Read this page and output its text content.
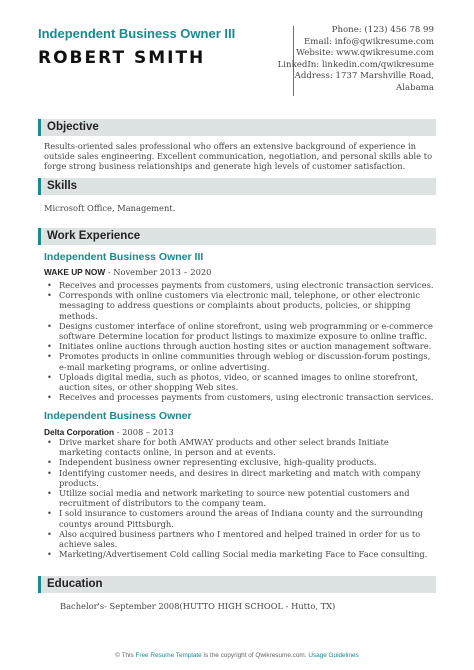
Independent Business Owner III
ROBERT SMITH
Phone: (123) 456 78 99
Email: info@qwikresume.com
Website: www.qwikresume.com
LinkedIn: linkedin.com/qwikresume
Address: 1737 Marshville Road,
Alabama
Objective
Results-oriented sales professional who offers an extensive background of experience in outside sales engineering. Excellent communication, negotiation, and personal skills able to forge strong business relationships and generate high levels of customer satisfaction.
Skills
Microsoft Office, Management.
Work Experience
Independent Business Owner III
WAKE UP NOW - November 2013 – 2020
• Receives and processes payments from customers, using electronic transaction services.
• Corresponds with online customers via electronic mail, telephone, or other electronic messaging to address questions or complaints about products, policies, or shipping methods.
• Designs customer interface of online storefront, using web programming or e-commerce software Determine location for product listings to maximize exposure to online traffic.
• Initiates online auctions through auction hosting sites or auction management software.
• Promotes products in online communities through weblog or discussion-forum postings, e-mail marketing programs, or online advertising.
• Uploads digital media, such as photos, video, or scanned images to online storefront, auction sites, or other shopping Web sites.
• Receives and processes payments from customers, using electronic transaction services.
Independent Business Owner
Delta Corporation - 2008 – 2013
• Drive market share for both AMWAY products and other select brands Initiate marketing contacts online, in person and at events.
• Independent business owner representing exclusive, high-quality products.
• Identifying customer needs, and desires in direct marketing and match with company products.
• Utilize social media and network marketing to source new potential customers and recruitment of distributors to the company team.
• I sold insurance to customers around the areas of Indiana county and the surrounding countys around Pittsburgh.
• Also acquired business partners who I mentored and helped trained in order for us to achieve sales.
• Marketing/Advertisement Cold calling Social media marketing Face to Face consulting.
Education
Bachelor's- September 2008(HUTTO HIGH SCHOOL - Hutto, TX)
© This Free Resume Template is the copyright of Qwikresume.com. Usage Guidelines
